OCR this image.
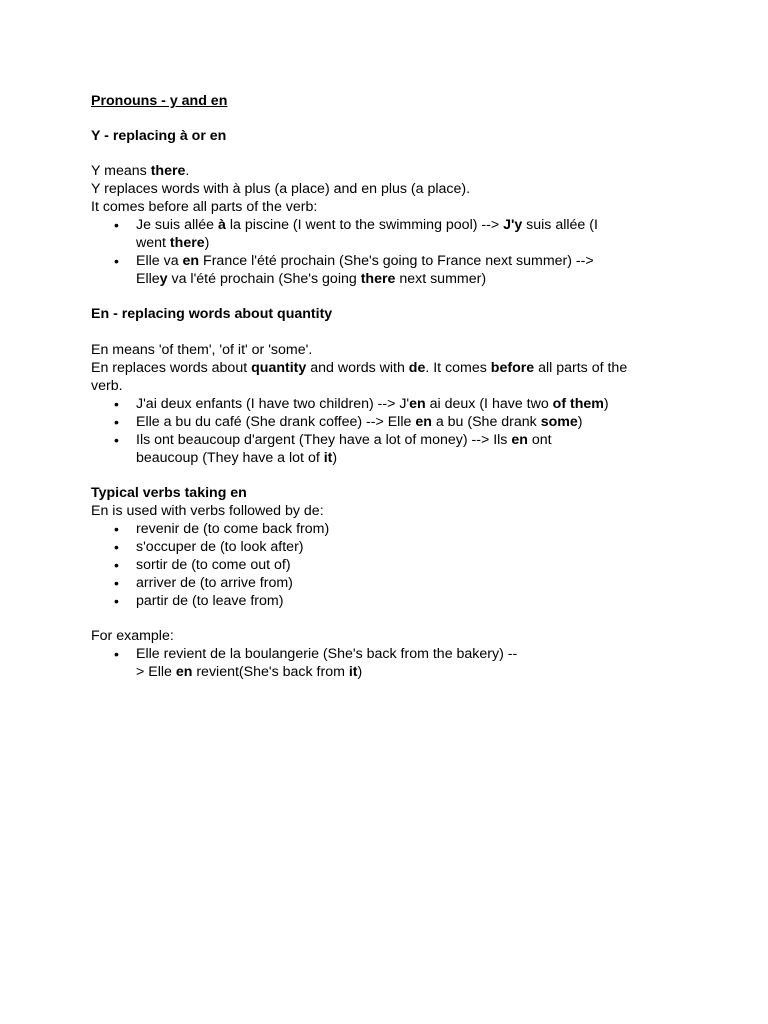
Pronouns - y and en
Y - replacing à or en
Y means there.
Y replaces words with à plus (a place) and en plus (a place).
It comes before all parts of the verb:
• Je suis allée à la piscine (I went to the swimming pool) --> J'y suis allée (I
went there)
• Elle va en France l'été prochain (She's going to France next summer) -->
Elley va l'été prochain (She's going there next summer)
En - replacing words about quantity
En means 'of them', 'of it' or 'some'.
En replaces words about quantity and words with de. It comes before all parts of the
verb.
• J'ai deux enfants (I have two children) --> J'en ai deux (I have two of them)
• Elle a bu du café (She drank coffee) --> Elle en a bu (She drank some)
• Ils ont beaucoup d'argent (They have a lot of money) --> Ils en ont
beaucoup (They have a lot of it)
Typical verbs taking en
En is used with verbs followed by de:
• revenir de (to come back from)
• s'occuper de (to look after)
• sortir de (to come out of)
• arriver de (to arrive from)
• partir de (to leave from)
For example:
• Elle revient de la boulangerie (She's back from the bakery) --
> Elle en revient(She's back from it)
